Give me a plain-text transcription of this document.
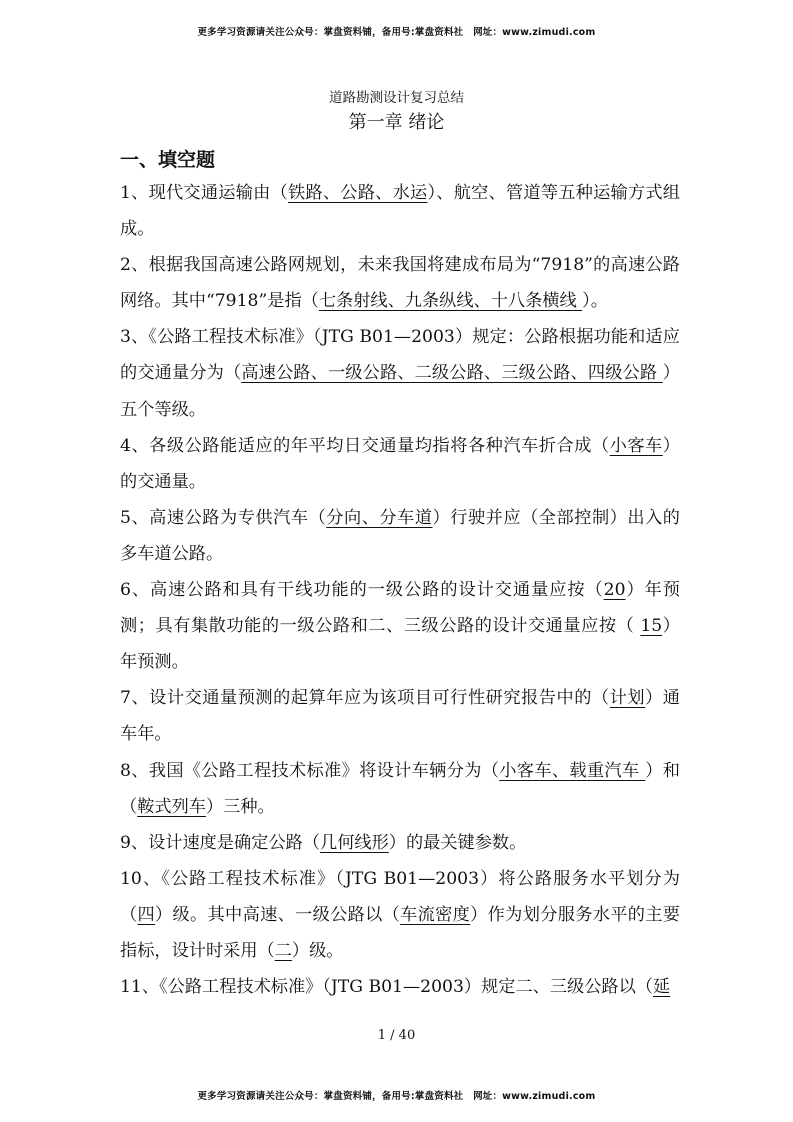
更多学习资源请关注公众号：掌盘资料铺，备用号:掌盘资料社　网址：www.zimudi.com
道路勘测设计复习总结
第一章 绪论
一、填空题

1、现代交通运输由（铁路、公路、水运）、航空、管道等五种运输方式组成。

2、根据我国高速公路网规划，未来我国将建成布局为“7918”的高速公路网络。其中“7918”是指（七条射线、九条纵线、十八条横线 ）。

3、《公路工程技术标准》（JTG B01—2003）规定：公路根据功能和适应的交通量分为（高速公路、一级公路、二级公路、三级公路、四级公路 ）五个等级。

4、各级公路能适应的年平均日交通量均指将各种汽车折合成（小客车）的交通量。

5、高速公路为专供汽车（分向、分车道）行驶并应（全部控制）出入的多车道公路。

6、高速公路和具有干线功能的一级公路的设计交通量应按（20）年预测；具有集散功能的一级公路和二、三级公路的设计交通量应按（ 15）年预测。

7、设计交通量预测的起算年应为该项目可行性研究报告中的（计划）通车年。

8、我国《公路工程技术标准》将设计车辆分为（小客车、载重汽车 ）和（鞍式列车）三种。

9、设计速度是确定公路（几何线形）的最关键参数。

10、《公路工程技术标准》（JTG B01—2003）将公路服务水平划分为（四）级。其中高速、一级公路以（车流密度）作为划分服务水平的主要指标，设计时采用（二）级。

11、《公路工程技术标准》（JTG B01—2003）规定二、三级公路以（延

1 / 40
更多学习资源请关注公众号：掌盘资料铺，备用号:掌盘资料社　网址：www.zimudi.com
